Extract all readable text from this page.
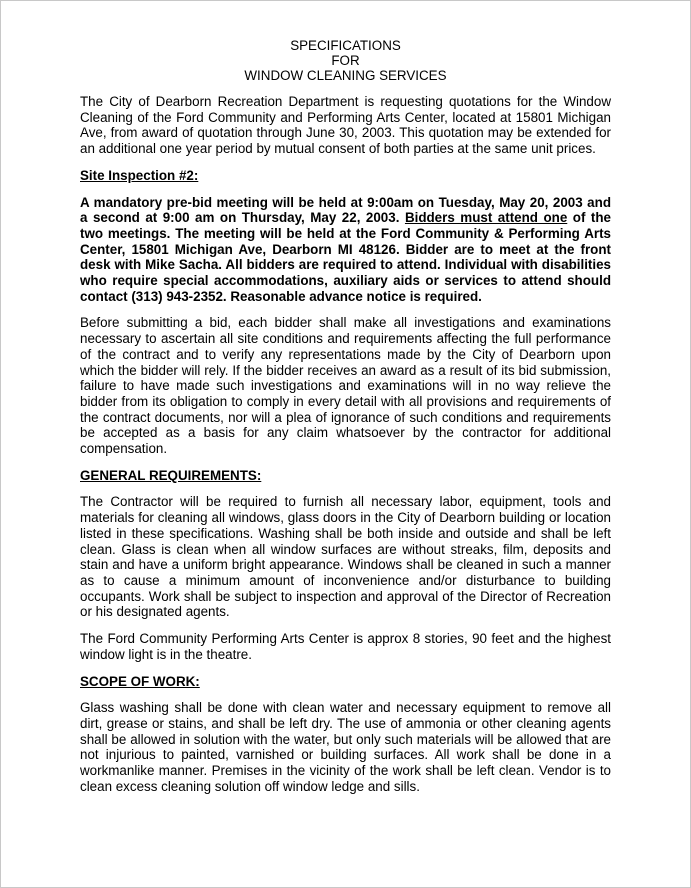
SPECIFICATIONS
FOR
WINDOW CLEANING SERVICES

The City of Dearborn Recreation Department is requesting quotations for the Window Cleaning of the Ford Community and Performing Arts Center, located at 15801 Michigan Ave, from award of quotation through June 30, 2003. This quotation may be extended for an additional one year period by mutual consent of both parties at the same unit prices.

Site Inspection #2:

A mandatory pre-bid meeting will be held at 9:00am on Tuesday, May 20, 2003 and a second at 9:00 am on Thursday, May 22, 2003. Bidders must attend one of the two meetings. The meeting will be held at the Ford Community & Performing Arts Center, 15801 Michigan Ave, Dearborn MI 48126. Bidder are to meet at the front desk with Mike Sacha. All bidders are required to attend. Individual with disabilities who require special accommodations, auxiliary aids or services to attend should contact (313) 943-2352. Reasonable advance notice is required.

Before submitting a bid, each bidder shall make all investigations and examinations necessary to ascertain all site conditions and requirements affecting the full performance of the contract and to verify any representations made by the City of Dearborn upon which the bidder will rely. If the bidder receives an award as a result of its bid submission, failure to have made such investigations and examinations will in no way relieve the bidder from its obligation to comply in every detail with all provisions and requirements of the contract documents, nor will a plea of ignorance of such conditions and requirements be accepted as a basis for any claim whatsoever by the contractor for additional compensation.

GENERAL REQUIREMENTS:

The Contractor will be required to furnish all necessary labor, equipment, tools and materials for cleaning all windows, glass doors in the City of Dearborn building or location listed in these specifications. Washing shall be both inside and outside and shall be left clean. Glass is clean when all window surfaces are without streaks, film, deposits and stain and have a uniform bright appearance. Windows shall be cleaned in such a manner as to cause a minimum amount of inconvenience and/or disturbance to building occupants. Work shall be subject to inspection and approval of the Director of Recreation or his designated agents.

The Ford Community Performing Arts Center is approx 8 stories, 90 feet and the highest window light is in the theatre.

SCOPE OF WORK:

Glass washing shall be done with clean water and necessary equipment to remove all dirt, grease or stains, and shall be left dry. The use of ammonia or other cleaning agents shall be allowed in solution with the water, but only such materials will be allowed that are not injurious to painted, varnished or building surfaces. All work shall be done in a workmanlike manner. Premises in the vicinity of the work shall be left clean. Vendor is to clean excess cleaning solution off window ledge and sills.
